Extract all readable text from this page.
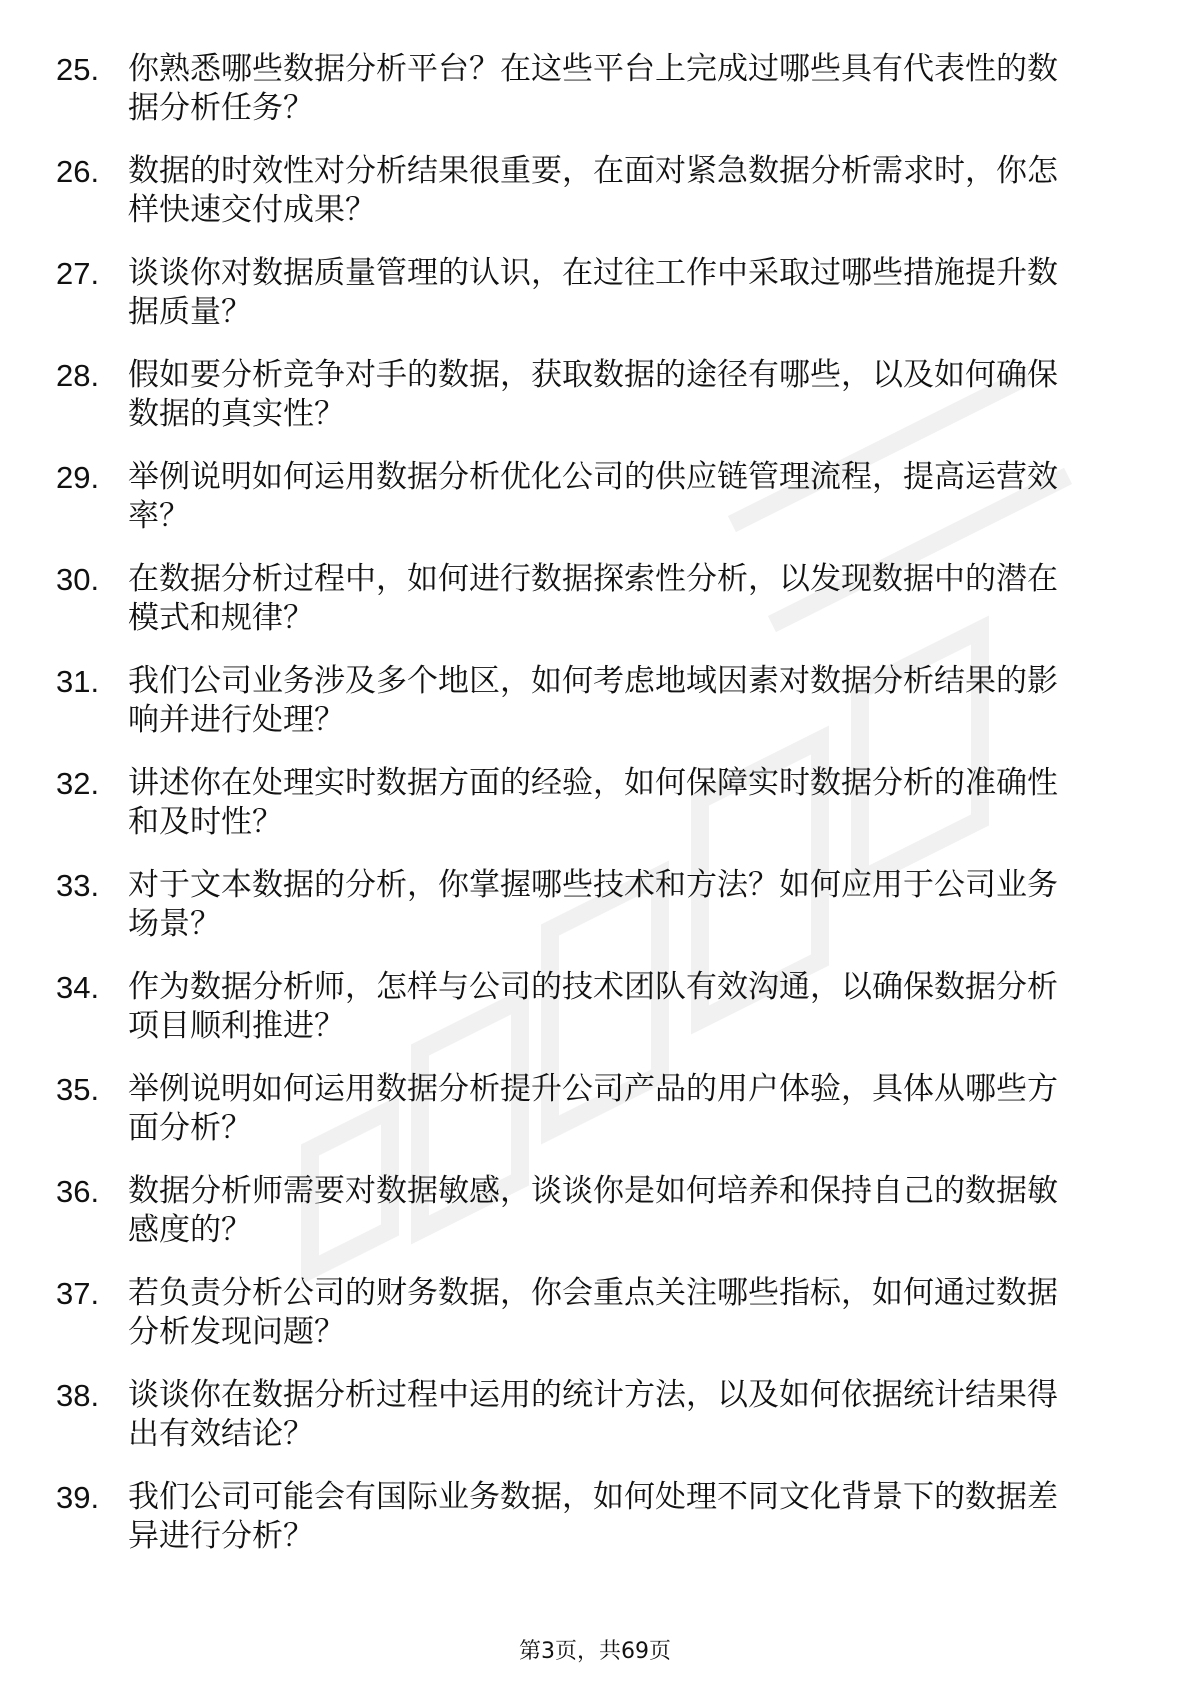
25. 你熟悉哪些数据分析平台？在这些平台上完成过哪些具有代表性的数据分析任务？
26. 数据的时效性对分析结果很重要，在面对紧急数据分析需求时，你怎样快速交付成果？
27. 谈谈你对数据质量管理的认识，在过往工作中采取过哪些措施提升数据质量？
28. 假如要分析竞争对手的数据，获取数据的途径有哪些，以及如何确保数据的真实性？
29. 举例说明如何运用数据分析优化公司的供应链管理流程，提高运营效率？
30. 在数据分析过程中，如何进行数据探索性分析，以发现数据中的潜在模式和规律？
31. 我们公司业务涉及多个地区，如何考虑地域因素对数据分析结果的影响并进行处理？
32. 讲述你在处理实时数据方面的经验，如何保障实时数据分析的准确性和及时性？
33. 对于文本数据的分析，你掌握哪些技术和方法？如何应用于公司业务场景？
34. 作为数据分析师，怎样与公司的技术团队有效沟通，以确保数据分析项目顺利推进？
35. 举例说明如何运用数据分析提升公司产品的用户体验，具体从哪些方面分析？
36. 数据分析师需要对数据敏感，谈谈你是如何培养和保持自己的数据敏感度的？
37. 若负责分析公司的财务数据，你会重点关注哪些指标，如何通过数据分析发现问题？
38. 谈谈你在数据分析过程中运用的统计方法，以及如何依据统计结果得出有效结论？
39. 我们公司可能会有国际业务数据，如何处理不同文化背景下的数据差异进行分析？
第3页，共69页
